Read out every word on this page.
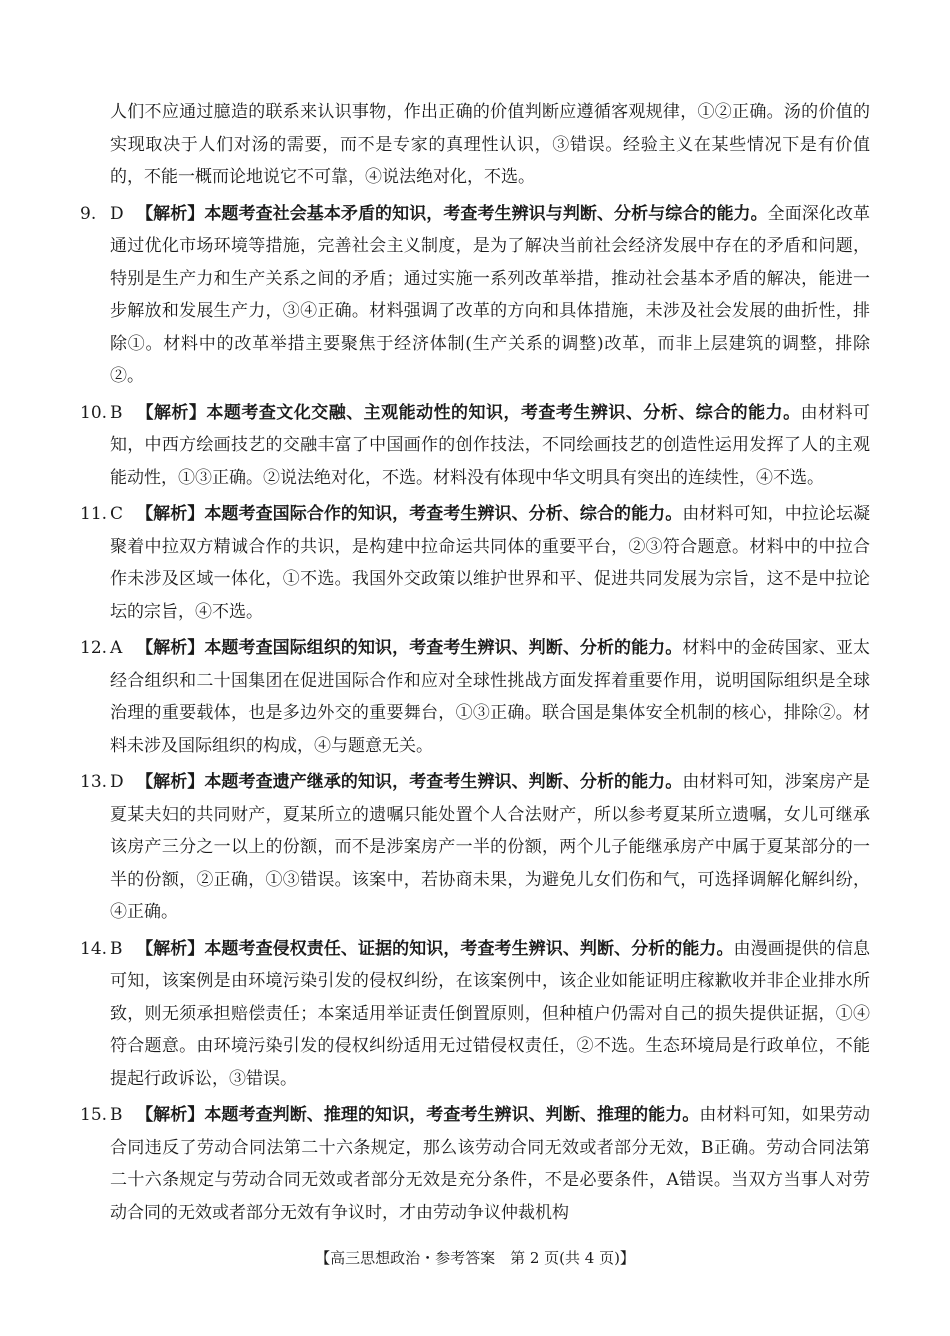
人们不应通过臆造的联系来认识事物，作出正确的价值判断应遵循客观规律，①②正确。汤的价值的实现取决于人们对汤的需要，而不是专家的真理性认识，③错误。经验主义在某些情况下是有价值的，不能一概而论地说它不可靠，④说法绝对化，不选。

9. D 【解析】本题考查社会基本矛盾的知识，考查考生辨识与判断、分析与综合的能力。全面深化改革通过优化市场环境等措施，完善社会主义制度，是为了解决当前社会经济发展中存在的矛盾和问题，特别是生产力和生产关系之间的矛盾；通过实施一系列改革举措，推动社会基本矛盾的解决，能进一步解放和发展生产力，③④正确。材料强调了改革的方向和具体措施，未涉及社会发展的曲折性，排除①。材料中的改革举措主要聚焦于经济体制(生产关系的调整)改革，而非上层建筑的调整，排除②。

10. B 【解析】本题考查文化交融、主观能动性的知识，考查考生辨识、分析、综合的能力。由材料可知，中西方绘画技艺的交融丰富了中国画作的创作技法，不同绘画技艺的创造性运用发挥了人的主观能动性，①③正确。②说法绝对化，不选。材料没有体现中华文明具有突出的连续性，④不选。

11. C 【解析】本题考查国际合作的知识，考查考生辨识、分析、综合的能力。由材料可知，中拉论坛凝聚着中拉双方精诚合作的共识，是构建中拉命运共同体的重要平台，②③符合题意。材料中的中拉合作未涉及区域一体化，①不选。我国外交政策以维护世界和平、促进共同发展为宗旨，这不是中拉论坛的宗旨，④不选。

12. A 【解析】本题考查国际组织的知识，考查考生辨识、判断、分析的能力。材料中的金砖国家、亚太经合组织和二十国集团在促进国际合作和应对全球性挑战方面发挥着重要作用，说明国际组织是全球治理的重要载体，也是多边外交的重要舞台，①③正确。联合国是集体安全机制的核心，排除②。材料未涉及国际组织的构成，④与题意无关。

13. D 【解析】本题考查遗产继承的知识，考查考生辨识、判断、分析的能力。由材料可知，涉案房产是夏某夫妇的共同财产，夏某所立的遗嘱只能处置个人合法财产，所以参考夏某所立遗嘱，女儿可继承该房产三分之一以上的份额，而不是涉案房产一半的份额，两个儿子能继承房产中属于夏某部分的一半的份额，②正确，①③错误。该案中，若协商未果，为避免儿女们伤和气，可选择调解化解纠纷，④正确。

14. B 【解析】本题考查侵权责任、证据的知识，考查考生辨识、判断、分析的能力。由漫画提供的信息可知，该案例是由环境污染引发的侵权纠纷，在该案例中，该企业如能证明庄稼歉收并非企业排水所致，则无须承担赔偿责任；本案适用举证责任倒置原则，但种植户仍需对自己的损失提供证据，①④符合题意。由环境污染引发的侵权纠纷适用无过错侵权责任，②不选。生态环境局是行政单位，不能提起行政诉讼，③错误。

15. B 【解析】本题考查判断、推理的知识，考查考生辨识、判断、推理的能力。由材料可知，如果劳动合同违反了劳动合同法第二十六条规定，那么该劳动合同无效或者部分无效，B正确。劳动合同法第二十六条规定与劳动合同无效或者部分无效是充分条件，不是必要条件，A错误。当双方当事人对劳动合同的无效或者部分无效有争议时，才由劳动争议仲裁机构

【高三思想政治・参考答案　第 2 页(共 4 页)】
